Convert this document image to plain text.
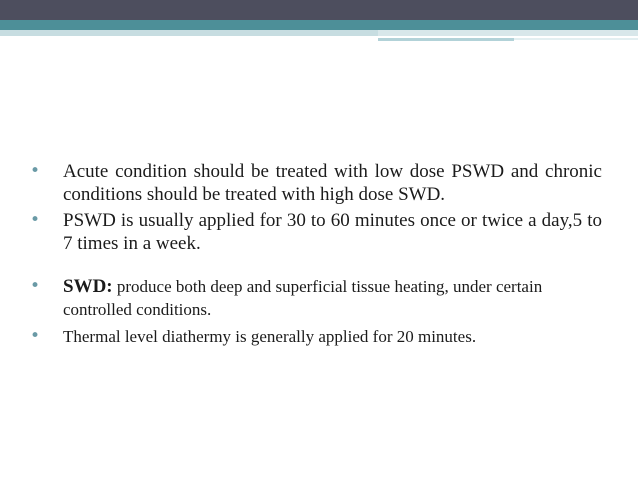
• Acute condition should be treated with low dose PSWD and chronic conditions should be treated with high dose SWD.
• PSWD is usually applied for 30 to 60 minutes once or twice a day,5 to 7 times in a week.
• SWD: produce both deep and superficial tissue heating, under certain controlled conditions.
• Thermal level diathermy is generally applied for 20 minutes.
